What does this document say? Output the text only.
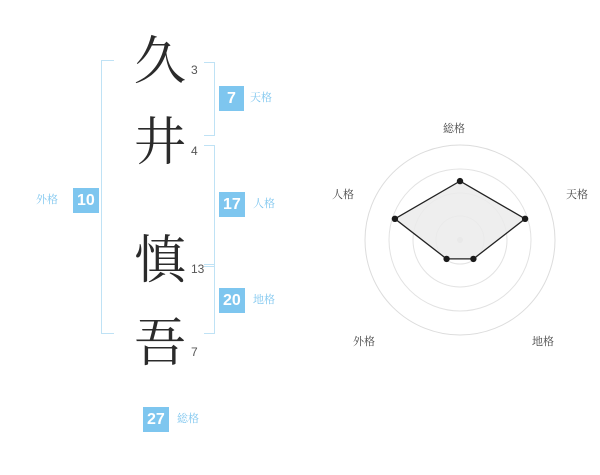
外格 10
久 3
井 4
慎 13
吾 7
7	天格
17	人格
20	地格
27	総格
総格
天格
地格
外格
人格
